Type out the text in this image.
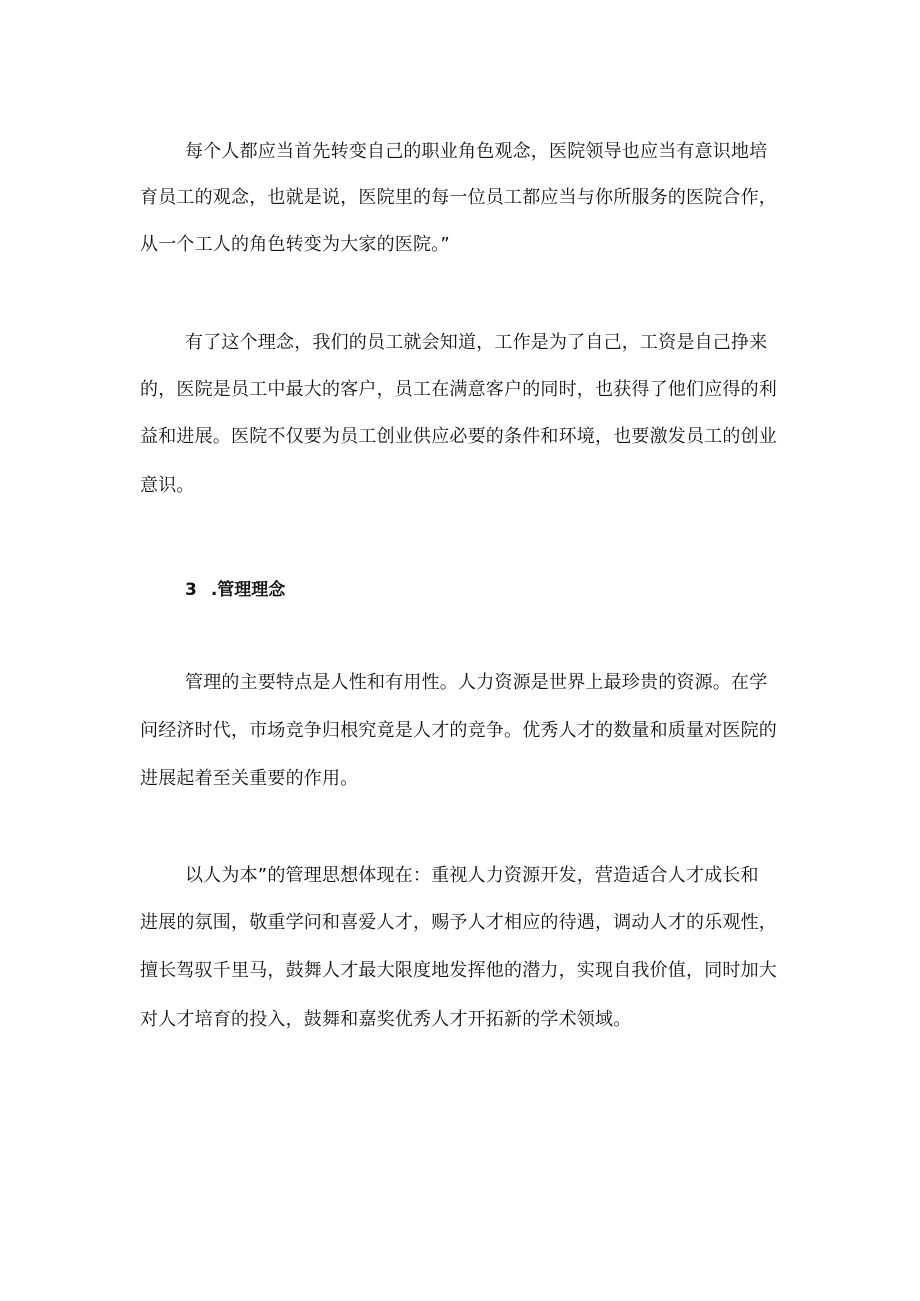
每个人都应当首先转变自己的职业角色观念，医院领导也应当有意识地培
育员工的观念，也就是说，医院里的每一位员工都应当与你所服务的医院合作，
从一个工人的角色转变为大家的医院。”
有了这个理念，我们的员工就会知道，工作是为了自己，工资是自己挣来
的，医院是员工中最大的客户，员工在满意客户的同时，也获得了他们应得的利
益和进展。医院不仅要为员工创业供应必要的条件和环境，也要激发员工的创业
意识。
3 .管理理念
管理的主要特点是人性和有用性。人力资源是世界上最珍贵的资源。在学
问经济时代，市场竞争归根究竟是人才的竞争。优秀人才的数量和质量对医院的
进展起着至关重要的作用。
以人为本”的管理思想体现在：重视人力资源开发，营造适合人才成长和
进展的氛围，敬重学问和喜爱人才，赐予人才相应的待遇，调动人才的乐观性，
擅长驾驭千里马，鼓舞人才最大限度地发挥他的潜力，实现自我价值，同时加大
对人才培育的投入，鼓舞和嘉奖优秀人才开拓新的学术领域。
